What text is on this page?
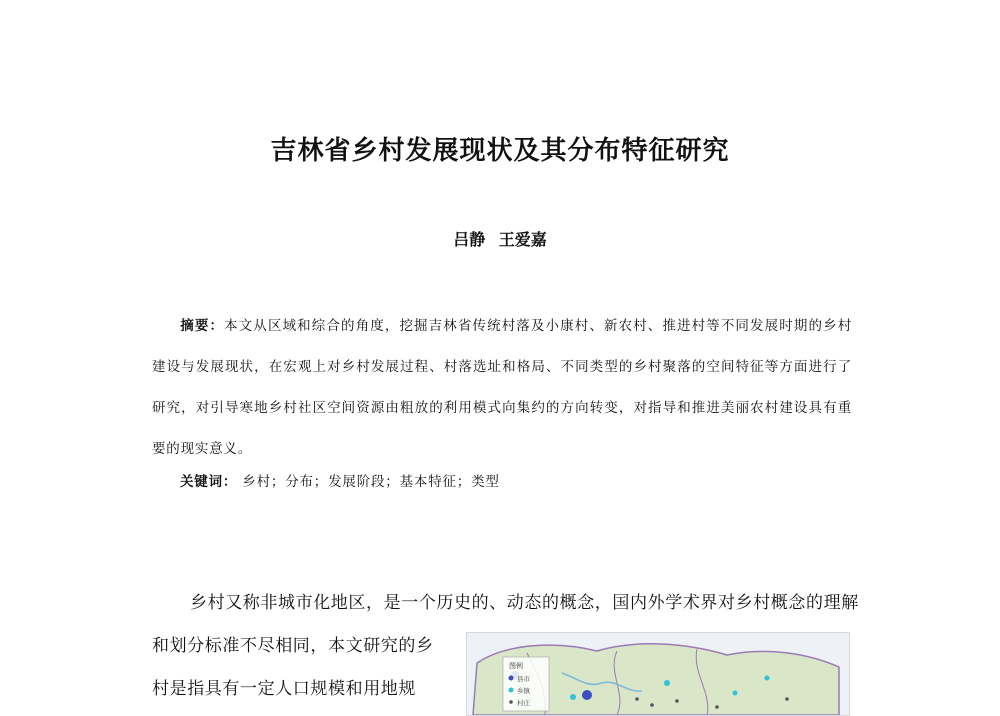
吉林省乡村发展现状及其分布特征研究
吕静 王爱嘉
摘要：本文从区域和综合的角度，挖掘吉林省传统村落及小康村、新农村、推进村等不同发展时期的乡村建设与发展现状，在宏观上对乡村发展过程、村落选址和格局、不同类型的乡村聚落的空间特征等方面进行了研究，对引导寒地乡村社区空间资源由粗放的利用模式向集约的方向转变，对指导和推进美丽农村建设具有重要的现实意义。
关键词： 乡村；分布；发展阶段；基本特征；类型
乡村又称非城市化地区，是一个历史的、动态的概念，国内外学术界对乡村概念的理解
和划分标准不尽相同，本文研究的乡
村是指具有一定人口规模和用地规
图例
县市
乡镇
村庄
